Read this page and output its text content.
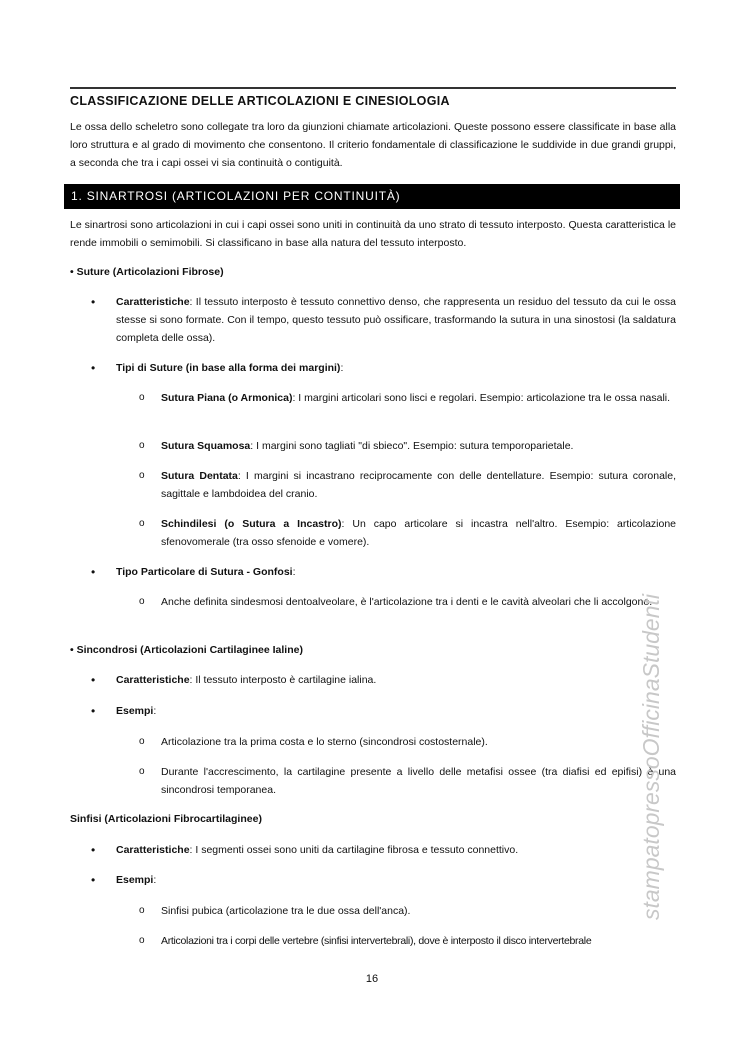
CLASSIFICAZIONE DELLE ARTICOLAZIONI E CINESIOLOGIA
Le ossa dello scheletro sono collegate tra loro da giunzioni chiamate articolazioni. Queste possono essere classificate in base alla loro struttura e al grado di movimento che consentono. Il criterio fondamentale di classificazione le suddivide in due grandi gruppi, a seconda che tra i capi ossei vi sia continuità o contiguità.
1. SINARTROSI (ARTICOLAZIONI PER CONTINUITÀ)
Le sinartrosi sono articolazioni in cui i capi ossei sono uniti in continuità da uno strato di tessuto interposto. Questa caratteristica le rende immobili o semimobili. Si classificano in base alla natura del tessuto interposto.
• Suture (Articolazioni Fibrose)
• Caratteristiche: Il tessuto interposto è tessuto connettivo denso, che rappresenta un residuo del tessuto da cui le ossa stesse si sono formate. Con il tempo, questo tessuto può ossificare, trasformando la sutura in una sinostosi (la saldatura completa delle ossa).
• Tipi di Suture (in base alla forma dei margini):
o Sutura Piana (o Armonica): I margini articolari sono lisci e regolari. Esempio: articolazione tra le ossa nasali.
o Sutura Squamosa: I margini sono tagliati "di sbieco". Esempio: sutura temporoparietale.
o Sutura Dentata: I margini si incastrano reciprocamente con delle dentellature. Esempio: sutura coronale, sagittale e lambdoidea del cranio.
o Schindilesi (o Sutura a Incastro): Un capo articolare si incastra nell'altro. Esempio: articolazione sfenovomerale (tra osso sfenoide e vomere).
• Tipo Particolare di Sutura - Gonfosi:
o Anche definita sindesmosi dentoalveolare, è l'articolazione tra i denti e le cavità alveolari che li accolgono.
• Sincondrosi (Articolazioni Cartilaginee Ialine)
• Caratteristiche: Il tessuto interposto è cartilagine ialina.
• Esempi:
o Articolazione tra la prima costa e lo sterno (sincondrosi costosternale).
o Durante l'accrescimento, la cartilagine presente a livello delle metafisi ossee (tra diafisi ed epifisi) è una sincondrosi temporanea.
Sinfisi (Articolazioni Fibrocartilaginee)
• Caratteristiche: I segmenti ossei sono uniti da cartilagine fibrosa e tessuto connettivo.
• Esempi:
o Sinfisi pubica (articolazione tra le due ossa dell'anca).
o Articolazioni tra i corpi delle vertebre (sinfisi intervertebrali), dove è interposto il disco intervertebrale
stampatopressoOfficinaStudenti
16
